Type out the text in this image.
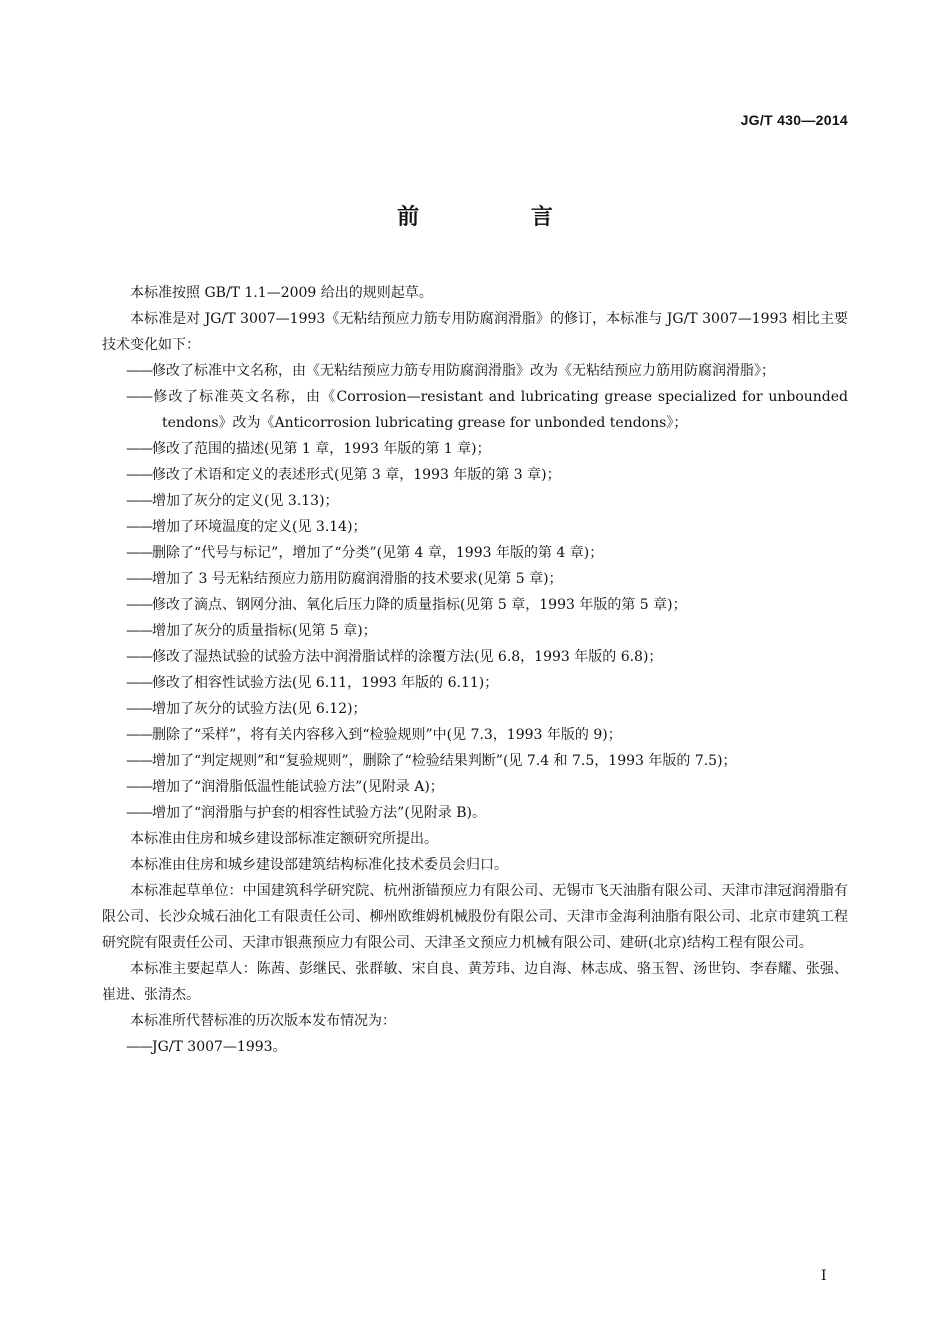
JG/T 430—2014
前 言

本标准按照 GB/T 1.1—2009 给出的规则起草。

本标准是对 JG/T 3007—1993《无粘结预应力筋专用防腐润滑脂》的修订，本标准与 JG/T 3007—1993 相比主要技术变化如下：

——修改了标准中文名称，由《无粘结预应力筋专用防腐润滑脂》改为《无粘结预应力筋用防腐润滑脂》；

——修改了标准英文名称，由《Corrosion—resistant and lubricating grease specialized for unbounded tendons》改为《Anticorrosion lubricating grease for unbonded tendons》；

——修改了范围的描述(见第 1 章，1993 年版的第 1 章)；

——修改了术语和定义的表述形式(见第 3 章，1993 年版的第 3 章)；

——增加了灰分的定义(见 3.13)；

——增加了环境温度的定义(见 3.14)；

——删除了“代号与标记”，增加了“分类”(见第 4 章，1993 年版的第 4 章)；

——增加了 3 号无粘结预应力筋用防腐润滑脂的技术要求(见第 5 章)；

——修改了滴点、钢网分油、氧化后压力降的质量指标(见第 5 章，1993 年版的第 5 章)；

——增加了灰分的质量指标(见第 5 章)；

——修改了湿热试验的试验方法中润滑脂试样的涂覆方法(见 6.8，1993 年版的 6.8)；

——修改了相容性试验方法(见 6.11，1993 年版的 6.11)；

——增加了灰分的试验方法(见 6.12)；

——删除了“采样”，将有关内容移入到“检验规则”中(见 7.3，1993 年版的 9)；

——增加了“判定规则”和“复验规则”，删除了“检验结果判断”(见 7.4 和 7.5，1993 年版的 7.5)；

——增加了“润滑脂低温性能试验方法”(见附录 A)；

——增加了“润滑脂与护套的相容性试验方法”(见附录 B)。

本标准由住房和城乡建设部标准定额研究所提出。

本标准由住房和城乡建设部建筑结构标准化技术委员会归口。

本标准起草单位：中国建筑科学研究院、杭州浙锚预应力有限公司、无锡市飞天油脂有限公司、天津市津冠润滑脂有限公司、长沙众城石油化工有限责任公司、柳州欧维姆机械股份有限公司、天津市金海利油脂有限公司、北京市建筑工程研究院有限责任公司、天津市银燕预应力有限公司、天津圣文预应力机械有限公司、建研(北京)结构工程有限公司。

本标准主要起草人：陈茜、彭继民、张群敏、宋自良、黄芳玮、边自海、林志成、骆玉智、汤世钧、李春耀、张强、崔进、张清杰。

本标准所代替标准的历次版本发布情况为：

——JG/T 3007—1993。

I
